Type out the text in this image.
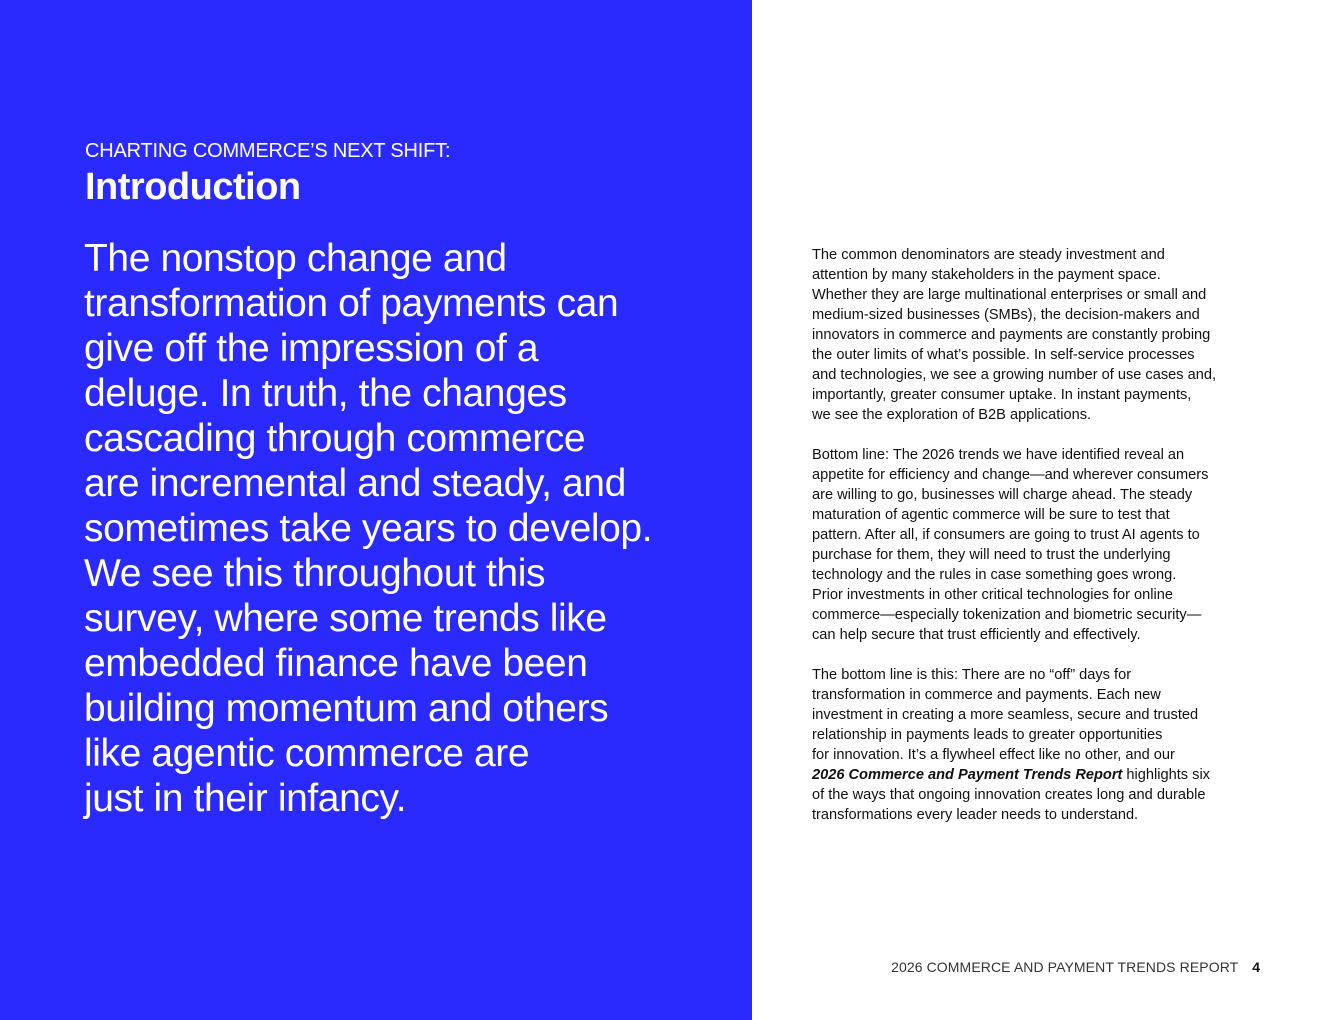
CHARTING COMMERCE’S NEXT SHIFT:
Introduction
The nonstop change and
transformation of payments can
give off the impression of a
deluge. In truth, the changes
cascading through commerce
are incremental and steady, and
sometimes take years to develop.
We see this throughout this
survey, where some trends like
embedded finance have been
building momentum and others
like agentic commerce are
just in their infancy.

The common denominators are steady investment and
attention by many stakeholders in the payment space.
Whether they are large multinational enterprises or small and
medium-sized businesses (SMBs), the decision-makers and
innovators in commerce and payments are constantly probing
the outer limits of what’s possible. In self-service processes
and technologies, we see a growing number of use cases and,
importantly, greater consumer uptake. In instant payments,
we see the exploration of B2B applications.

Bottom line: The 2026 trends we have identified reveal an
appetite for efficiency and change—and wherever consumers
are willing to go, businesses will charge ahead. The steady
maturation of agentic commerce will be sure to test that
pattern. After all, if consumers are going to trust AI agents to
purchase for them, they will need to trust the underlying
technology and the rules in case something goes wrong.
Prior investments in other critical technologies for online
commerce—especially tokenization and biometric security—
can help secure that trust efficiently and effectively.

The bottom line is this: There are no “off” days for
transformation in commerce and payments. Each new
investment in creating a more seamless, secure and trusted
relationship in payments leads to greater opportunities
for innovation. It’s a flywheel effect like no other, and our
2026 Commerce and Payment Trends Report highlights six
of the ways that ongoing innovation creates long and durable
transformations every leader needs to understand.

2026 COMMERCE AND PAYMENT TRENDS REPORT 4
